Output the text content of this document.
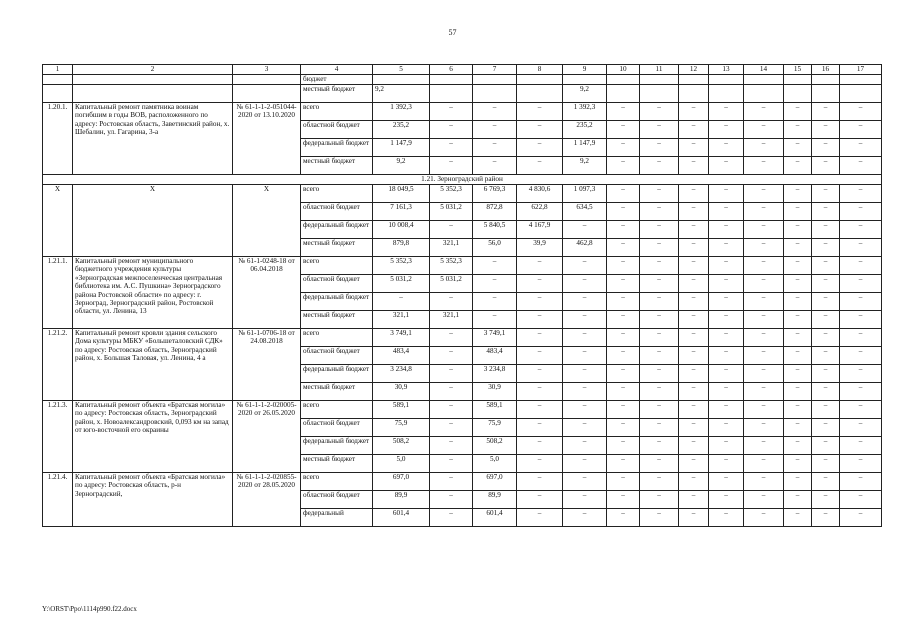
57
1	2	3	4	5	6	7	8	9	10	11	12	13	14	15	16	17
			бюджет													
			местный бюджет	9,2				9,2								
1.20.1.	Капитальный ремонт памятника воинам погибшим в годы ВОВ, расположенного по адресу: Ростовская область, Заветинский район, х. Шебалин, ул. Гагарина, 3-а	№ 61-1-1-2-051044-2020 от 13.10.2020	всего	1 392,3	–	–	–	1 392,3	–	–	–	–	–	–	–	–
			областной бюджет	235,2	–	–	–	235,2	–	–	–	–	–	–	–	–
			федеральный бюджет	1 147,9	–	–	–	1 147,9	–	–	–	–	–	–	–	–
			местный бюджет	9,2	–	–	–	9,2	–	–	–	–	–	–	–	–
1.21. Зерноградский район																
X	X	X	всего	18 049,5	5 352,3	6 769,3	4 830,6	1 097,3	–	–	–	–	–	–	–	–
			областной бюджет	7 161,3	5 031,2	872,8	622,8	634,5	–	–	–	–	–	–	–	–
			федеральный бюджет	10 008,4	–	5 840,5	4 167,9	–	–	–	–	–	–	–	–	–
			местный бюджет	879,8	321,1	56,0	39,9	462,8	–	–	–	–	–	–	–	–
1.21.1.	Капитальный ремонт муниципального бюджетного учреждения культуры «Зерноградская межпоселенческая центральная библиотека им. А.С. Пушкина» Зерноградского района Ростовской области» по адресу: г. Зерноград, Зерноградский район, Ростовской области, ул. Ленина, 13	№ 61-1-0248-18 от 06.04.2018	всего	5 352,3	5 352,3	–	–	–	–	–	–	–	–	–	–	–
			областной бюджет	5 031,2	5 031,2	–	–	–	–	–	–	–	–	–	–	–
			федеральный бюджет	–	–	–	–	–	–	–	–	–	–	–	–	–
			местный бюджет	321,1	321,1	–	–	–	–	–	–	–	–	–	–	–
1.21.2.	Капитальный ремонт кровли здания сельского Дома культуры МБКУ «Большеталовский СДК» по адресу: Ростовская область, Зерноградский район, х. Большая Таловая, ул. Ленина, 4 а	№ 61-1-0706-18 от 24.08.2018	всего	3 749,1	–	3 749,1	–	–	–	–	–	–	–	–	–	–
			областной бюджет	483,4	–	483,4	–	–	–	–	–	–	–	–	–	–
			федеральный бюджет	3 234,8	–	3 234,8	–	–	–	–	–	–	–	–	–	–
			местный бюджет	30,9	–	30,9	–	–	–	–	–	–	–	–	–	–
1.21.3.	Капитальный ремонт объекта «Братская могила» по адресу: Ростовская область, Зерноградский район, х. Новоалександровский, 0,093 км на запад от юго-восточной его окраины	№ 61-1-1-2-020005-2020 от 26.05.2020	всего	589,1	–	589,1	–	–	–	–	–	–	–	–	–	–
			областной бюджет	75,9	–	75,9	–	–	–	–	–	–	–	–	–	–
			федеральный бюджет	508,2	–	508,2	–	–	–	–	–	–	–	–	–	–
			местный бюджет	5,0	–	5,0	–	–	–	–	–	–	–	–	–	–
1.21.4.	Капитальный ремонт объекта «Братская могила» по адресу: Ростовская область, р-н Зерноградский,	№ 61-1-1-2-020855-2020 от 28.05.2020	всего	697,0	–	697,0	–	–	–	–	–	–	–	–	–	–
			областной бюджет	89,9	–	89,9	–	–	–	–	–	–	–	–	–	–
			федеральный	601,4	–	601,4	–	–	–	–	–	–	–	–	–	–
Y:\ORST\Ppo\1114p990.f22.docx
